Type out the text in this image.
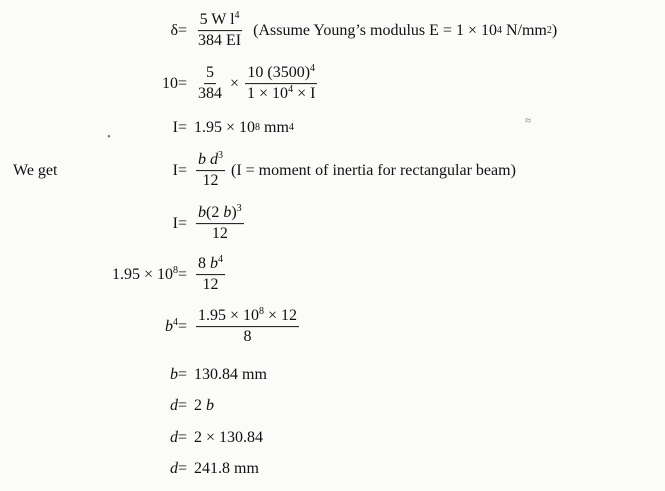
$\delta = \frac{5 W l^4}{384 EI}$ (Assume Young’s modulus E = 1 × 10 4 N/mm 2 )
$10 = \frac{5}{384} \times \frac{10 (3500)^4}{1 \times 10^4 \times I}$
I = 1.95 × 10 8 mm 4
We get	$I = \frac{b d^3}{12} (I$ = moment of inertia for rectangular beam)
$I = \frac{b(2 b)^3}{12}$
$1.95 \times 10^8 = \frac{8 b^4}{12}$
$b^4 = \frac{1.95 \times 10^8 \times 12}{8}$
b = 130.84 mm
d = 2 b
d = 2 × 130.84
d = 241.8 mm
•
≈
